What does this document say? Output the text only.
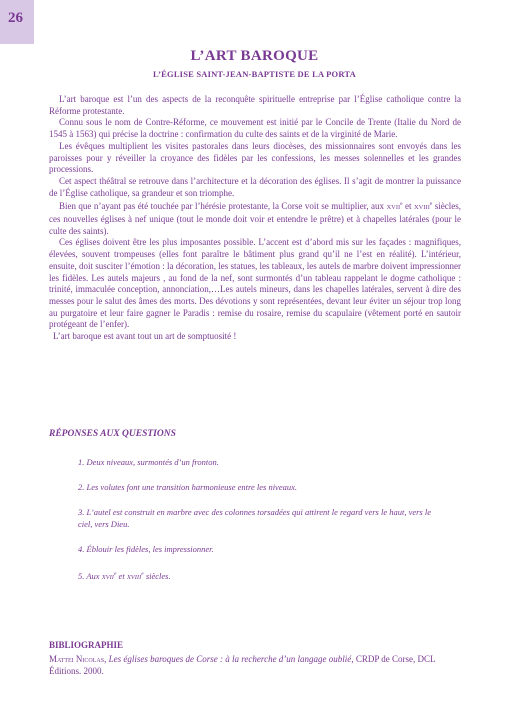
26
L’ART BAROQUE
L’ÉGLISE SAINT-JEAN-BAPTISTE DE LA PORTA

L’art baroque est l’un des aspects de la reconquête spirituelle entreprise par l’Église catholique contre la Réforme protestante.

Connu sous le nom de Contre-Réforme, ce mouvement est initié par le Concile de Trente (Italie du Nord de 1545 à 1563) qui précise la doctrine : confirmation du culte des saints et de la virginité de Marie.

Les évêques multiplient les visites pastorales dans leurs diocèses, des missionnaires sont envoyés dans les paroisses pour y réveiller la croyance des fidèles par les confessions, les messes solennelles et les grandes processions.

Cet aspect théâtral se retrouve dans l’architecture et la décoration des églises. Il s’agit de montrer la puissance de l’Église catholique, sa grandeur et son triomphe.

Bien que n’ayant pas été touchée par l’hérésie protestante, la Corse voit se multiplier, aux XVIIe et XVIIIe siècles, ces nouvelles églises à nef unique (tout le monde doit voir et entendre le prêtre) et à chapelles latérales (pour le culte des saints).

Ces églises doivent être les plus imposantes possible. L’accent est d’abord mis sur les façades : magnifiques, élevées, souvent trompeuses (elles font paraître le bâtiment plus grand qu’il ne l’est en réalité). L’intérieur, ensuite, doit susciter l’émotion : la décoration, les statues, les tableaux, les autels de marbre doivent impressionner les fidèles. Les autels majeurs , au fond de la nef, sont surmontés d’un tableau rappelant le dogme catholique : trinité, immaculée conception, annonciation,…Les autels mineurs, dans les chapelles latérales, servent à dire des messes pour le salut des âmes des morts. Des dévotions y sont représentées, devant leur éviter un séjour trop long au purgatoire et leur faire gagner le Paradis : remise du rosaire, remise du scapulaire (vêtement porté en sautoir protégeant de l’enfer).

L’art baroque est avant tout un art de somptuosité !

RÉPONSES AUX QUESTIONS
1. Deux niveaux, surmontés d’un fronton.
2. Les volutes font une transition harmonieuse entre les niveaux.
3. L’autel est construit en marbre avec des colonnes torsadées qui attirent le regard vers le haut, vers le ciel, vers Dieu.
4. Éblouir les fidèles, les impressionner.
5. Aux XVIIe et XVIIIe siècles.
BIBLIOGRAPHIE
Mattei Nicolas, Les églises baroques de Corse : à la recherche d’un langage oublié, CRDP de Corse, DCL Éditions. 2000.
